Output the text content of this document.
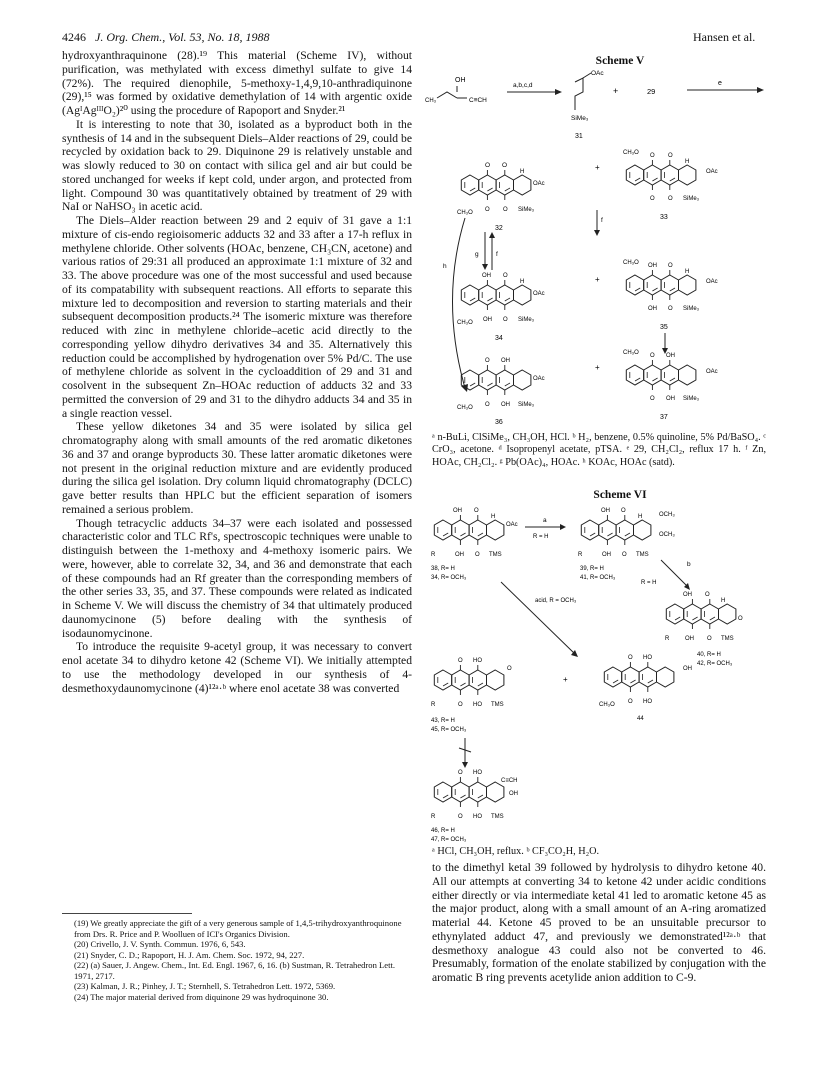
4246 J. Org. Chem., Vol. 53, No. 18, 1988	Hansen et al.

hydroxyanthraquinone (28).¹⁹ This material (Scheme IV), without purification, was methylated with excess dimethyl sulfate to give 14 (72%). The required dienophile, 5-methoxy-1,4,9,10-anthradiquinone (29),¹⁵ was formed by oxidative demethylation of 14 with argentic oxide (AgᴵAgᴵᴵᴵO₂)²⁰ using the procedure of Rapoport and Snyder.²¹

It is interesting to note that 30, isolated as a byproduct both in the synthesis of 14 and in the subsequent Diels–Alder reactions of 29, could be recycled by oxidation back to 29. Diquinone 29 is relatively unstable and was slowly reduced to 30 on contact with silica gel and air but could be stored unchanged for weeks if kept cold, under argon, and protected from light. Compound 30 was quantitatively obtained by treatment of 29 with NaI or NaHSO₃ in acetic acid.

The Diels–Alder reaction between 29 and 2 equiv of 31 gave a 1:1 mixture of cis-endo regioisomeric adducts 32 and 33 after a 17-h reflux in methylene chloride. Other solvents (HOAc, benzene, CH₃CN, acetone) and various ratios of 29:31 all produced an approximate 1:1 mixture of 32 and 33. The above procedure was one of the most successful and used because of its compatability with subsequent reactions. All efforts to separate this mixture led to decomposition and reversion to starting materials and their subsequent decomposition products.²⁴ The isomeric mixture was therefore reduced with zinc in methylene chloride–acetic acid directly to the corresponding yellow dihydro derivatives 34 and 35. Alternatively this reduction could be accomplished by hydrogenation over 5% Pd/C. The use of methylene chloride as solvent in the cycloaddition of 29 and 31 and cosolvent in the subsequent Zn–HOAc reduction of adducts 32 and 33 permitted the conversion of 29 and 31 to the dihydro adducts 34 and 35 in a single reaction vessel.

These yellow diketones 34 and 35 were isolated by silica gel chromatography along with small amounts of the red aromatic diketones 36 and 37 and orange byproducts 30. These latter aromatic diketones were not present in the original reduction mixture and are evidently produced during the silica gel isolation. Dry column liquid chromatography (DCLC) gave better results than HPLC but the efficient separation of isomers remained a serious problem.

Though tetracyclic adducts 34–37 were each isolated and possessed characteristic color and TLC Rf's, spectroscopic techniques were unable to distinguish between the 1-methoxy and 4-methoxy isomeric pairs. We were, however, able to correlate 32, 34, and 36 and demonstrate that each of these compounds had an Rf greater than the corresponding members of the other series 33, 35, and 37. These compounds were related as indicated in Scheme V. We will discuss the chemistry of 34 that ultimately produced daunomycinone (5) before dealing with the synthesis of isodaunomycinone.

To introduce the requisite 9-acetyl group, it was necessary to convert enol acetate 34 to dihydro ketone 42 (Scheme VI). We initially attempted to use the methodology developed in our synthesis of 4-desmethoxydaunomycinone (4)¹²ᵃ·ᵇ where enol acetate 38 was converted

(19) We greatly appreciate the gift of a very generous sample of 1,4,5-trihydroxyanthroquinone from Drs. R. Price and P. Woolluen of ICI's Organics Division.

(20) Crivello, J. V. Synth. Commun. 1976, 6, 543.

(21) Snyder, C. D.; Rapoport, H. J. Am. Chem. Soc. 1972, 94, 227.

(22) (a) Sauer, J. Angew. Chem., Int. Ed. Engl. 1967, 6, 16. (b) Sustman, R. Tetrahedron Lett. 1971, 2717.

(23) Kalman, J. R.; Pinhey, J. T.; Sternhell, S. Tetrahedron Lett. 1972, 5369.

(24) The major material derived from diquinone 29 was hydroquinone 30.

Scheme V
OH
CH₃	C≡CH
a,b,c,d
OAc
SiMe₃
31
+	29
e
O O
H
OAc
CH₃O O O SiMe₃
32
+
CH₃O O O
H
OAc
O O SiMe₃
33
f
g	f
h
OH O
H
OAc
CH₃O OH O SiMe₃
34
+
CH₃O OH O
H
OAc
OH O SiMe₃
35
O OH
OAc
CH₃O O OH SiMe₃
36
+
CH₃O O OH
OAc
O OH SiMe₃
37
ᵃ n-BuLi, ClSiMe₃, CH₃OH, HCl. ᵇ H₂, benzene, 0.5% quinoline, 5% Pd/BaSO₄. ᶜ CrO₃, acetone. ᵈ Isopropenyl acetate, pTSA. ᵉ 29, CH₂Cl₂, reflux 17 h. ᶠ Zn, HOAc, CH₂Cl₂. ᵍ Pb(OAc)₄, HOAc. ʰ KOAc, HOAc (satd).
Scheme VI
OH O
H
OAc
R	OH O TMS
38, R= H
34, R= OCH₃
a
R = H
OH O
H	OCH₃
OCH₃
R	OH O TMS
39, R= H
41, R= OCH₃
b
R = H
OH O
H
O
R	OH O TMS
40, R= H
42, R= OCH₃
acid, R = OCH₃
O HO
O
R	O HO TMS
43, R= H
45, R= OCH₃
+
O HO
OH
CH₃O O HO
44
O HO
C≡CH
OH
R	O HO TMS
46, R= H
47, R= OCH₃
ᵃ HCl, CH₃OH, reflux. ᵇ CF₃CO₂H, H₂O.

to the dimethyl ketal 39 followed by hydrolysis to dihydro ketone 40. All our attempts at converting 34 to ketone 42 under acidic conditions either directly or via intermediate ketal 41 led to aromatic ketone 45 as the major product, along with a small amount of an A-ring aromatized material 44. Ketone 45 proved to be an unsuitable precursor to ethynylated adduct 47, and previously we demonstrated¹²ᵃ·ᵇ that desmethoxy analogue 43 could also not be converted to 46. Presumably, formation of the enolate stabilized by conjugation with the aromatic B ring prevents acetylide anion addition to C-9.
